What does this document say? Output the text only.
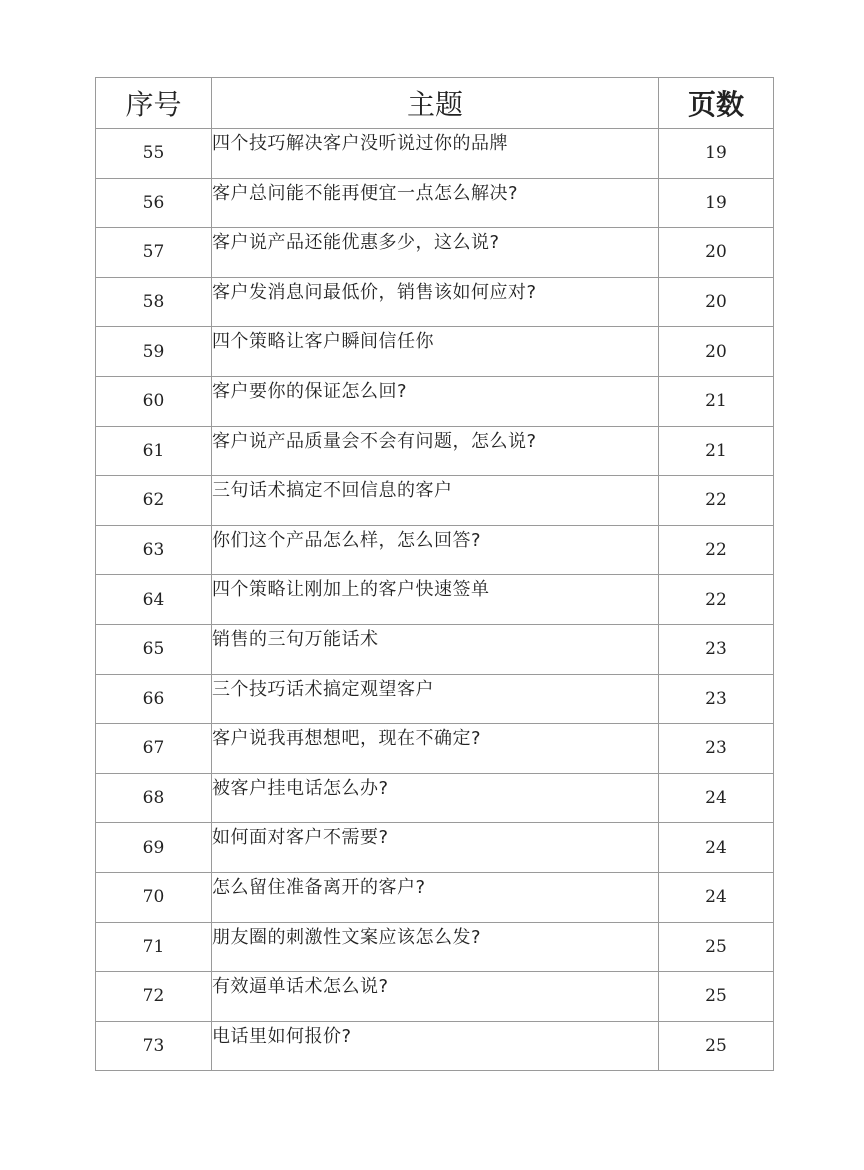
序号	主题	页数
55	四个技巧解决客户没听说过你的品牌	19
56	客户总问能不能再便宜一点怎么解决?	19
57	客户说产品还能优惠多少，这么说?	20
58	客户发消息问最低价，销售该如何应对?	20
59	四个策略让客户瞬间信任你	20
60	客户要你的保证怎么回?	21
61	客户说产品质量会不会有问题，怎么说?	21
62	三句话术搞定不回信息的客户	22
63	你们这个产品怎么样，怎么回答?	22
64	四个策略让刚加上的客户快速签单	22
65	销售的三句万能话术	23
66	三个技巧话术搞定观望客户	23
67	客户说我再想想吧，现在不确定?	23
68	被客户挂电话怎么办?	24
69	如何面对客户不需要?	24
70	怎么留住准备离开的客户?	24
71	朋友圈的刺激性文案应该怎么发?	25
72	有效逼单话术怎么说?	25
73	电话里如何报价?	25
